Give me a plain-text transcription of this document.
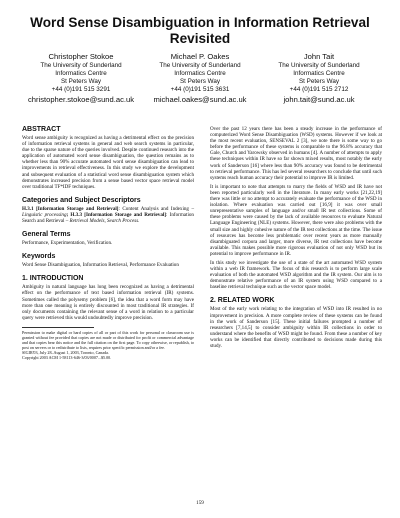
Word Sense Disambiguation in Information Retrieval Revisited
Christopher Stokoe
The University of Sunderland
Informatics Centre
St Peters Way
+44 (0)191 515 3291
christopher.stokoe@sund.ac.uk
Michael P. Oakes
The University of Sunderland
Informatics Centre
St Peters Way
+44 (0)191 515 3631
michael.oakes@sund.ac.uk
John Tait
The University of Sunderland
Informatics Centre
St Peters Way
+44 (0)191 515 2712
john.tait@sund.ac.uk
ABSTRACT

Word sense ambiguity is recognized as having a detrimental effect on the precision of information retrieval systems in general and web search systems in particular, due to the sparse nature of the queries involved. Despite continued research into the application of automated word sense disambiguation, the question remains as to whether less than 90% accurate automated word sense disambiguation can lead to improvements in retrieval effectiveness. In this study we explore the development and subsequent evaluation of a statistical word sense disambiguation system which demonstrates increased precision from a sense based vector space retrieval model over traditional TF*IDF techniques.

Categories and Subject Descriptors

H.3.1 [Information Storage and Retrieval]: Content Analysis and Indexing – Linguistic processing; H.3.3 [Information Storage and Retrieval]: Information Search and Retrieval – Retrieval Models, Search Process.

General Terms

Performance, Experimentation, Verification.

Keywords

Word Sense Disambiguation, Information Retrieval, Performance Evaluation

1. INTRODUCTION

Ambiguity in natural language has long been recognized as having a detrimental effect on the performance of text based information retrieval (IR) systems. Sometimes called the polysemy problem [6], the idea that a word form may have more than one meaning is entirely discounted in most traditional IR strategies. If only documents containing the relevant sense of a word in relation to a particular query were retrieved this would undoubtedly improve precision.

Permission to make digital or hard copies of all or part of this work for personal or classroom use is granted without fee provided that copies are not made or distributed for profit or commercial advantage and that copies bear this notice and the full citation on the first page. To copy otherwise, or republish, to post on servers or to redistribute to lists, requires prior specific permission and/or a fee.
SIGIR'03, July 28–August 1, 2003, Toronto, Canada.
Copyright 2003 ACM 1-58113-646-3/03/0007...$5.00.

Over the past 12 years there has been a steady increase in the performance of computerized Word Sense Disambiguation (WSD) systems. However if we look at the most recent evaluation, SENSEVAL 2 [3], we note there is some way to go before the performance of these systems is comparable to the 96.8% accuracy that Gale, Church and Yarowsky observed in humans [4]. A number of attempts to apply these techniques within IR have so far shown mixed results, most notably the early work of Sanderson [16] where less than 90% accuracy was found to be detrimental to retrieval performance. This has led several researchers to conclude that until such systems reach human accuracy their potential to improve IR is limited.

It is important to note that attempts to marry the fields of WSD and IR have not been reported particularly well in the literature. In many early works [21,22,19] there was little or no attempt to accurately evaluate the performance of the WSD in isolation. Where evaluation was carried out [16,9] it was over small unrepresentative samples of language and/or small IR test collections. Some of these problems were caused by the lack of available resources to evaluate Natural Language Engineering (NLE) systems. However, there were also problems with the small size and highly cohesive nature of the IR test collections at the time. The issue of resources has become less problematic over recent years as more manually disambiguated corpora and larger, more diverse, IR test collections have become available. This makes possible more rigorous evaluation of not only WSD but its potential to improve performance in IR.

In this study we investigate the use of a state of the art automated WSD system within a web IR framework. The focus of this research is to perform large scale evaluation of both the automated WSD algorithm and the IR system. Our aim is to demonstrate relative performance of an IR system using WSD compared to a baseline retrieval technique such as the vector space model.

2. RELATED WORK

Most of the early work relating to the integration of WSD into IR resulted in no improvement in precision. A more complete review of these systems can be found in the work of Sanderson [15]. These initial failures prompted a number of researchers [7,14,5] to consider ambiguity within IR collections in order to understand where the benefits of WSD might be found. From these a number of key works can be identified that directly contributed to decisions made during this study.

159
